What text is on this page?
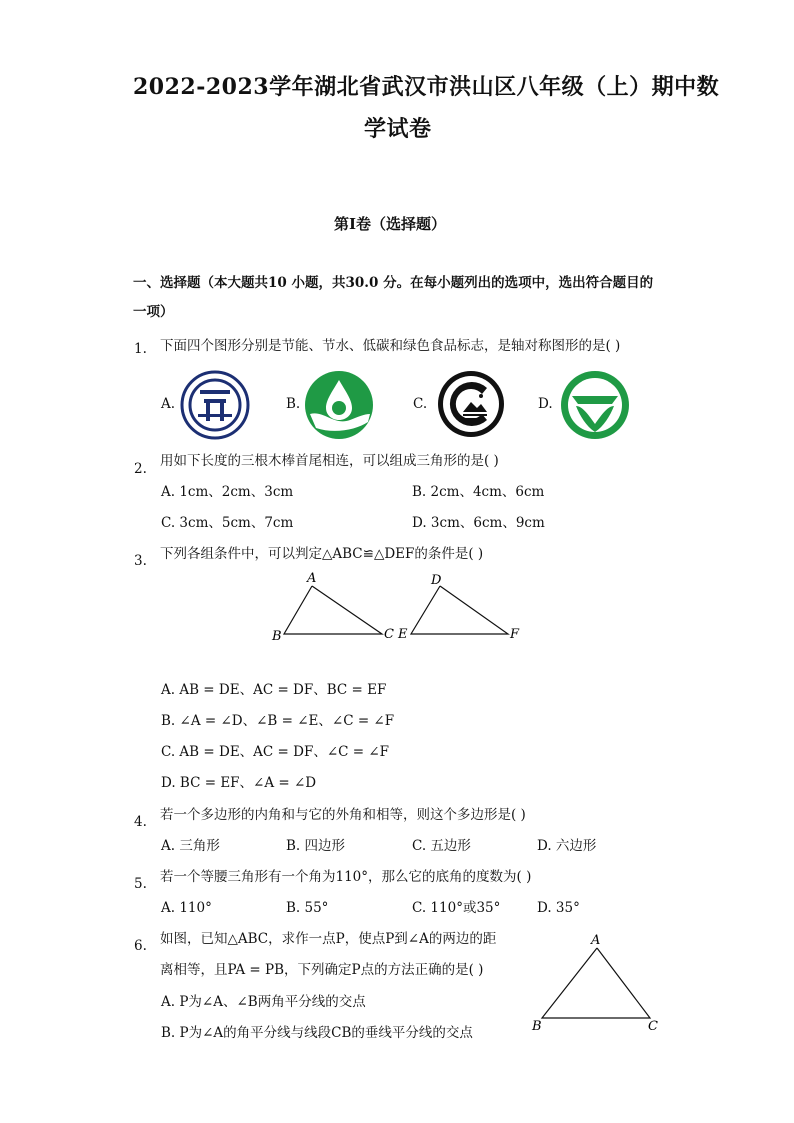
2022-2023学年湖北省武汉市洪山区八年级（上）期中数
学试卷
第Ⅰ卷（选择题）
一、选择题（本大题共10 小题，共30.0 分。在每小题列出的选项中，选出符合题目的
一项）
1. 下面四个图形分别是节能、节水、低碳和绿色食品标志，是轴对称图形的是( )
A.	B.	C.	D.
2. 用如下长度的三根木棒首尾相连，可以组成三角形的是( )
A. 1cm、2cm、3cm	B. 2cm、4cm、6cm
C. 3cm、5cm、7cm	D. 3cm、6cm、9cm
3. 下列各组条件中，可以判定△ABC≌△DEF的条件是( )
A
B	C
D
E	F
A. AB = DE、AC = DF、BC = EF
B. ∠A = ∠D、∠B = ∠E、∠C = ∠F
C. AB = DE、AC = DF、∠C = ∠F
D. BC = EF、∠A = ∠D
4. 若一个多边形的内角和与它的外角和相等，则这个多边形是( )
A. 三角形	B. 四边形	C. 五边形	D. 六边形
5. 若一个等腰三角形有一个角为110°，那么它的底角的度数为( )
A. 110°	B. 55°	C. 110°或35°	D. 35°
6. 如图，已知△ABC，求作一点P，使点P到∠A的两边的距
离相等，且PA = PB，下列确定P点的方法正确的是( )
A. P为∠A、∠B两角平分线的交点
B. P为∠A的角平分线与线段CB的垂线平分线的交点
A
B	C
